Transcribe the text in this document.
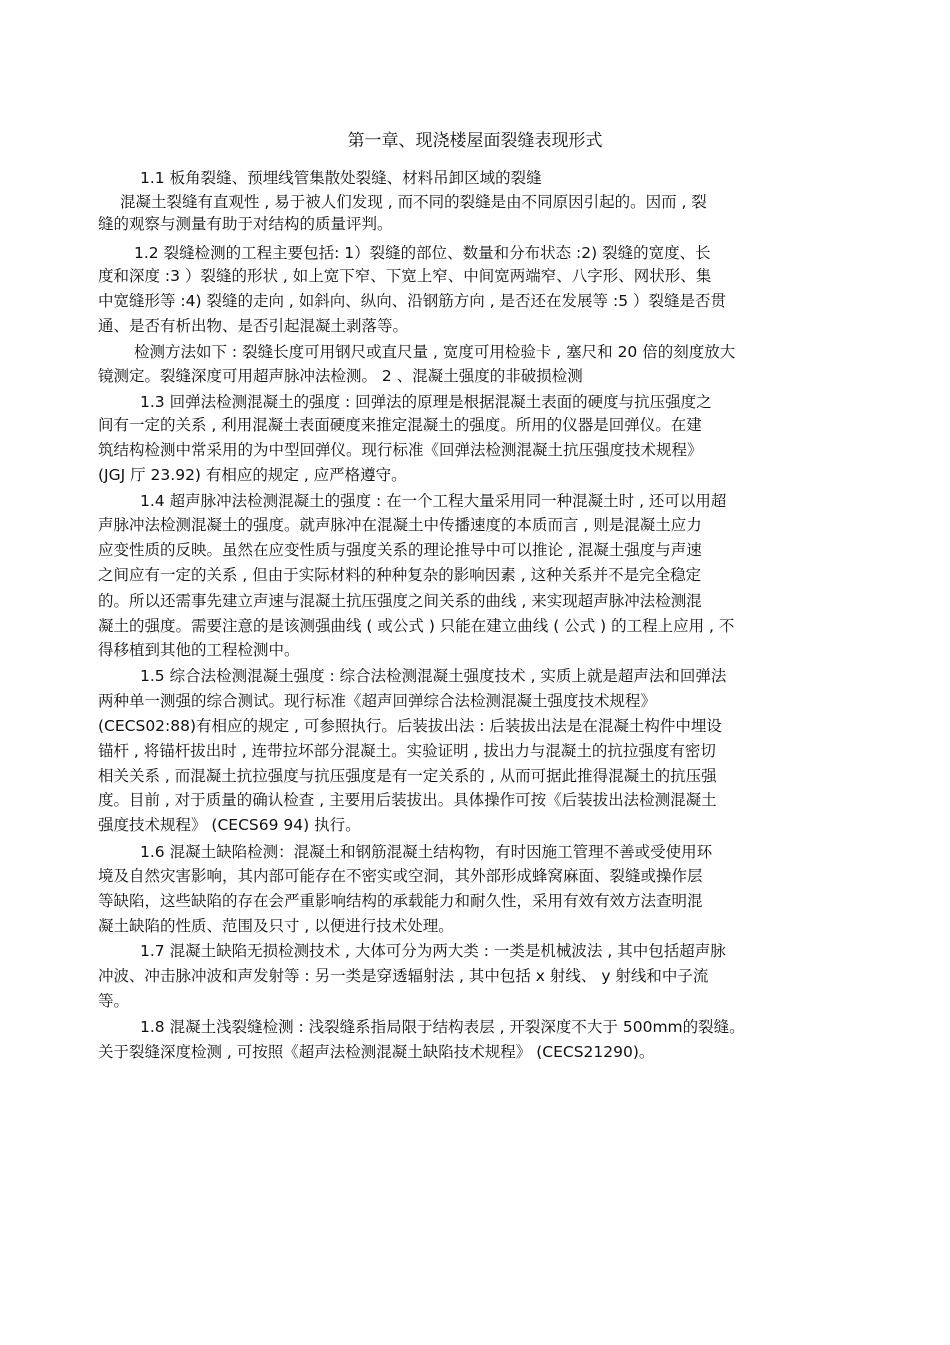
第一章、现浇楼屋面裂缝表现形式
1.1 板角裂缝、预埋线管集散处裂缝、材料吊卸区域的裂缝
混凝土裂缝有直观性 , 易于被人们发现 , 而不同的裂缝是由不同原因引起的。因而 , 裂
缝的观察与测量有助于对结构的质量评判。
1.2 裂缝检测的工程主要包括: 1）裂缝的部位、数量和分布状态 :2) 裂缝的宽度、长
度和深度 :3 ）裂缝的形状 , 如上宽下窄、下宽上窄、中间宽两端窄、八字形、网状形、集
中宽缝形等 :4) 裂缝的走向 , 如斜向、纵向、沿钢筋方向 , 是否还在发展等 :5 ）裂缝是否贯
通、是否有析出物、是否引起混凝土剥落等。
检测方法如下 : 裂缝长度可用钢尺或直尺量 , 宽度可用检验卡 , 塞尺和 20 倍的刻度放大
镜测定。裂缝深度可用超声脉冲法检测。 2 、混凝土强度的非破损检测
1.3 回弹法检测混凝土的强度 : 回弹法的原理是根据混凝土表面的硬度与抗压强度之
间有一定的关系 , 利用混凝土表面硬度来推定混凝土的强度。所用的仪器是回弹仪。在建
筑结构检测中常采用的为中型回弹仪。现行标准《回弹法检测混凝土抗压强度技术规程》
(JGJ 厅 23.92) 有相应的规定 , 应严格遵守。
1.4 超声脉冲法检测混凝土的强度 : 在一个工程大量采用同一种混凝土时 , 还可以用超
声脉冲法检测混凝土的强度。就声脉冲在混凝土中传播速度的本质而言 , 则是混凝土应力
应变性质的反映。虽然在应变性质与强度关系的理论推导中可以推论 , 混凝土强度与声速
之间应有一定的关系 , 但由于实际材料的种种复杂的影响因素 , 这种关系并不是完全稳定
的。所以还需事先建立声速与混凝土抗压强度之间关系的曲线 , 来实现超声脉冲法检测混
凝土的强度。需要注意的是该测强曲线 ( 或公式 ) 只能在建立曲线 ( 公式 ) 的工程上应用 , 不
得移植到其他的工程检测中。
1.5 综合法检测混凝土强度 : 综合法检测混凝土强度技术 , 实质上就是超声法和回弹法
两种单一测强的综合测试。现行标准《超声回弹综合法检测混凝土强度技术规程》
(CECS02:88)有相应的规定 , 可参照执行。后装拔出法 : 后装拔出法是在混凝土构件中埋设
锚杆 , 将锚杆拔出时 , 连带拉坏部分混凝土。实验证明 , 拔出力与混凝土的抗拉强度有密切
相关关系 , 而混凝土抗拉强度与抗压强度是有一定关系的 , 从而可据此推得混凝土的抗压强
度。目前 , 对于质量的确认检查 , 主要用后装拔出。具体操作可按《后装拔出法检测混凝土
强度技术规程》 (CECS69 94) 执行。
1.6 混凝土缺陷检测：混凝土和钢筋混凝土结构物，有时因施工管理不善或受使用环
境及自然灾害影响，其内部可能存在不密实或空洞，其外部形成蜂窝麻面、裂缝或操作层
等缺陷，这些缺陷的存在会严重影响结构的承载能力和耐久性，采用有效有效方法查明混
凝土缺陷的性质、范围及只寸 , 以便进行技术处理。
1.7 混凝土缺陷无损检测技术 , 大体可分为两大类 : 一类是机械波法 , 其中包括超声脉
冲波、冲击脉冲波和声发射等 : 另一类是穿透辐射法 , 其中包括 x 射线、 y 射线和中子流
等。
1.8 混凝土浅裂缝检测 : 浅裂缝系指局限于结构表层 , 开裂深度不大于 500mm的裂缝。
关于裂缝深度检测 , 可按照《超声法检测混凝土缺陷技术规程》 (CECS21290)。
